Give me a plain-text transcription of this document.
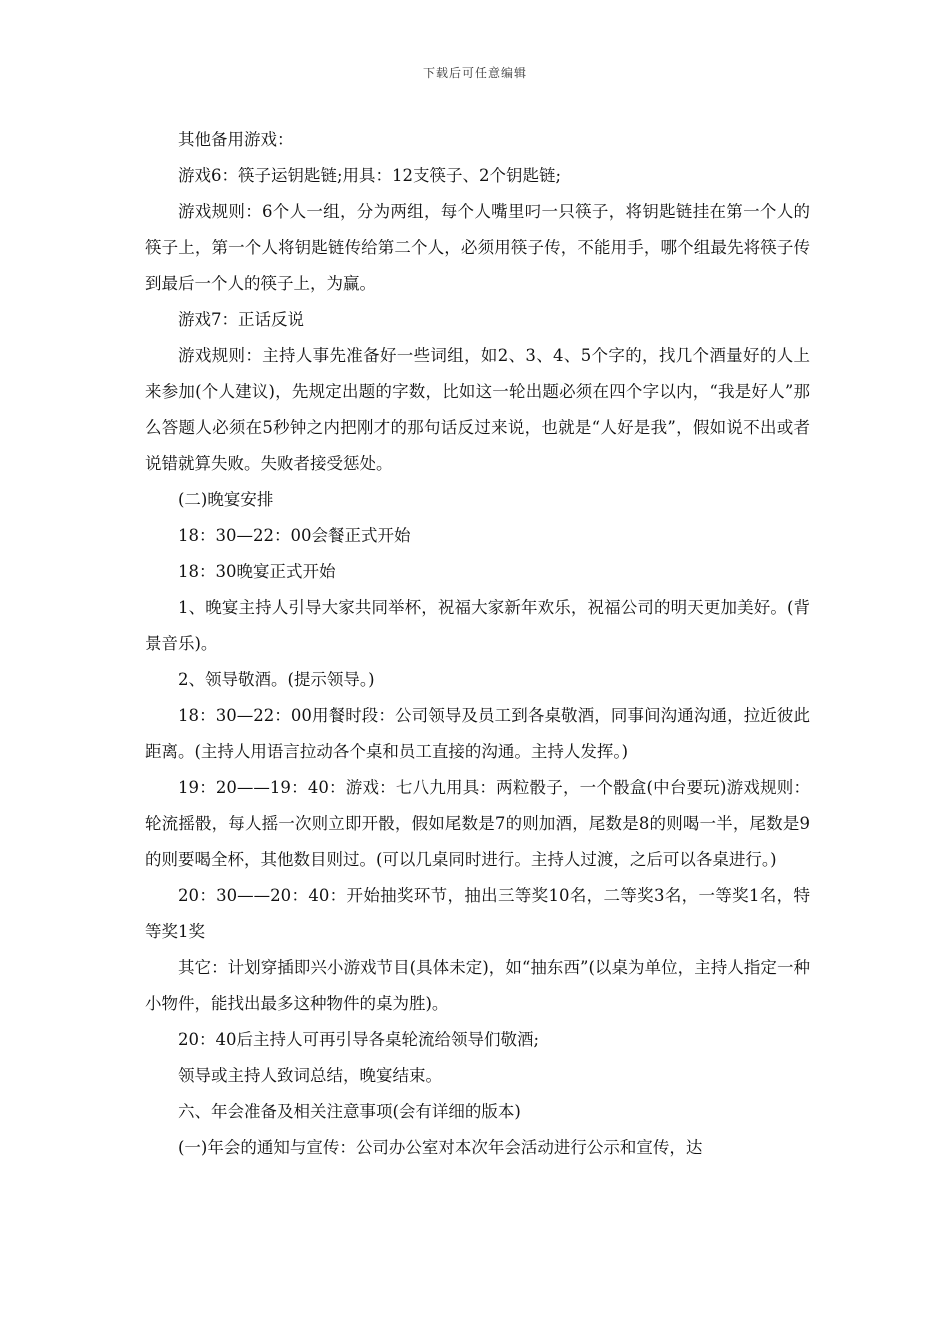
下载后可任意编辑

其他备用游戏：

游戏6：筷子运钥匙链;用具：12支筷子、2个钥匙链;

游戏规则：6个人一组，分为两组，每个人嘴里叼一只筷子，将钥匙链挂在第一个人的筷子上，第一个人将钥匙链传给第二个人，必须用筷子传，不能用手，哪个组最先将筷子传到最后一个人的筷子上，为赢。

游戏7：正话反说

游戏规则：主持人事先准备好一些词组，如2、3、4、5个字的，找几个酒量好的人上来参加(个人建议)，先规定出题的字数，比如这一轮出题必须在四个字以内，“我是好人”那么答题人必须在5秒钟之内把刚才的那句话反过来说，也就是“人好是我”，假如说不出或者说错就算失败。失败者接受惩处。

(二)晚宴安排

18：30—22：00会餐正式开始

18：30晚宴正式开始

1、晚宴主持人引导大家共同举杯，祝福大家新年欢乐，祝福公司的明天更加美好。(背景音乐)。

2、领导敬酒。(提示领导。)

18：30—22：00用餐时段：公司领导及员工到各桌敬酒，同事间沟通沟通，拉近彼此距离。(主持人用语言拉动各个桌和员工直接的沟通。主持人发挥。)

19：20——19：40：游戏：七八九用具：两粒骰子，一个骰盒(中台要玩)游戏规则：轮流摇骰，每人摇一次则立即开骰，假如尾数是7的则加酒，尾数是8的则喝一半，尾数是9的则要喝全杯，其他数目则过。(可以几桌同时进行。主持人过渡，之后可以各桌进行。)

20：30——20：40：开始抽奖环节，抽出三等奖10名，二等奖3名，一等奖1名，特等奖1奖

其它：计划穿插即兴小游戏节目(具体未定)，如“抽东西”(以桌为单位，主持人指定一种小物件，能找出最多这种物件的桌为胜)。

20：40后主持人可再引导各桌轮流给领导们敬酒;

领导或主持人致词总结，晚宴结束。

六、年会准备及相关注意事项(会有详细的版本)

(一)年会的通知与宣传：公司办公室对本次年会活动进行公示和宣传，达
